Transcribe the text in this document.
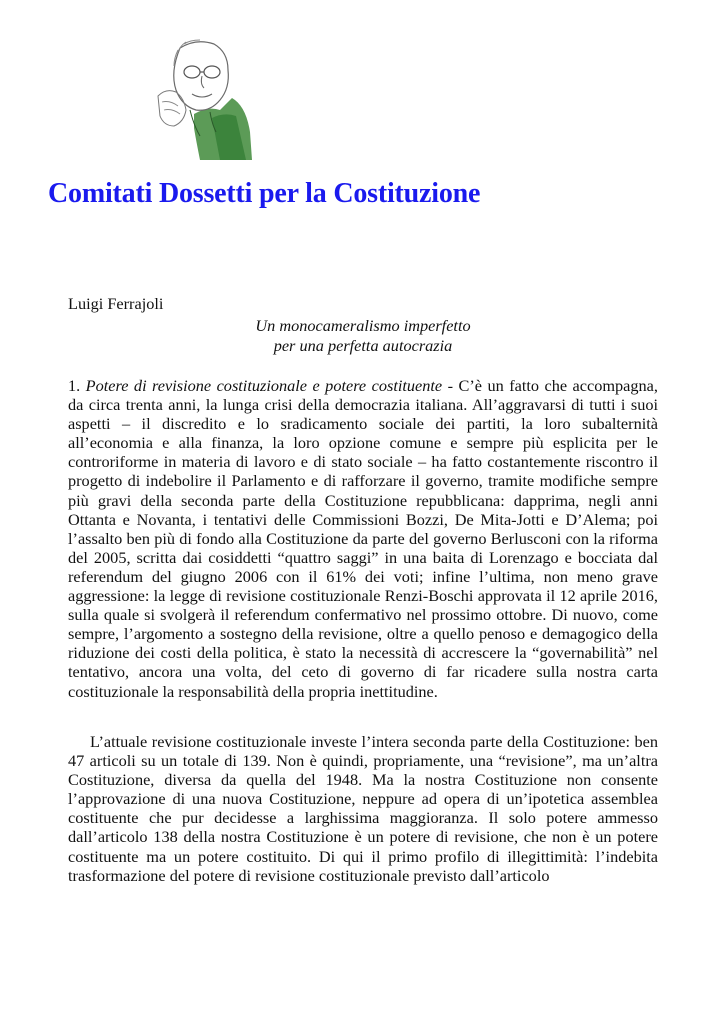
Comitati Dossetti per la Costituzione
Luigi Ferrajoli
Un monocameralismo imperfetto
per una perfetta autocrazia

1. Potere di revisione costituzionale e potere costituente - C’è un fatto che accompagna, da circa trenta anni, la lunga crisi della democrazia italiana. All’aggravarsi di tutti i suoi aspetti – il discredito e lo sradicamento sociale dei partiti, la loro subalternità all’economia e alla finanza, la loro opzione comune e sempre più esplicita per le controriforme in materia di lavoro e di stato sociale – ha fatto costantemente riscontro il progetto di indebolire il Parlamento e di rafforzare il governo, tramite modifiche sempre più gravi della seconda parte della Costituzione repubblicana: dapprima, negli anni Ottanta e Novanta, i tentativi delle Commissioni Bozzi, De Mita-Jotti e D’Alema; poi l’assalto ben più di fondo alla Costituzione da parte del governo Berlusconi con la riforma del 2005, scritta dai cosiddetti “quattro saggi” in una baita di Lorenzago e bocciata dal referendum del giugno 2006 con il 61% dei voti; infine l’ultima, non meno grave aggressione: la legge di revisione costituzionale Renzi-Boschi approvata il 12 aprile 2016, sulla quale si svolgerà il referendum confermativo nel prossimo ottobre. Di nuovo, come sempre, l’argomento a sostegno della revisione, oltre a quello penoso e demagogico della riduzione dei costi della politica, è stato la necessità di accrescere la “governabilità” nel tentativo, ancora una volta, del ceto di governo di far ricadere sulla nostra carta costituzionale la responsabilità della propria inettitudine.

L’attuale revisione costituzionale investe l’intera seconda parte della Costituzione: ben 47 articoli su un totale di 139. Non è quindi, propriamente, una “revisione”, ma un’altra Costituzione, diversa da quella del 1948. Ma la nostra Costituzione non consente l’approvazione di una nuova Costituzione, neppure ad opera di un’ipotetica assemblea costituente che pur decidesse a larghissima maggioranza. Il solo potere ammesso dall’articolo 138 della nostra Costituzione è un potere di revisione, che non è un potere costituente ma un potere costituito. Di qui il primo profilo di illegittimità: l’indebita trasformazione del potere di revisione costituzionale previsto dall’articolo
